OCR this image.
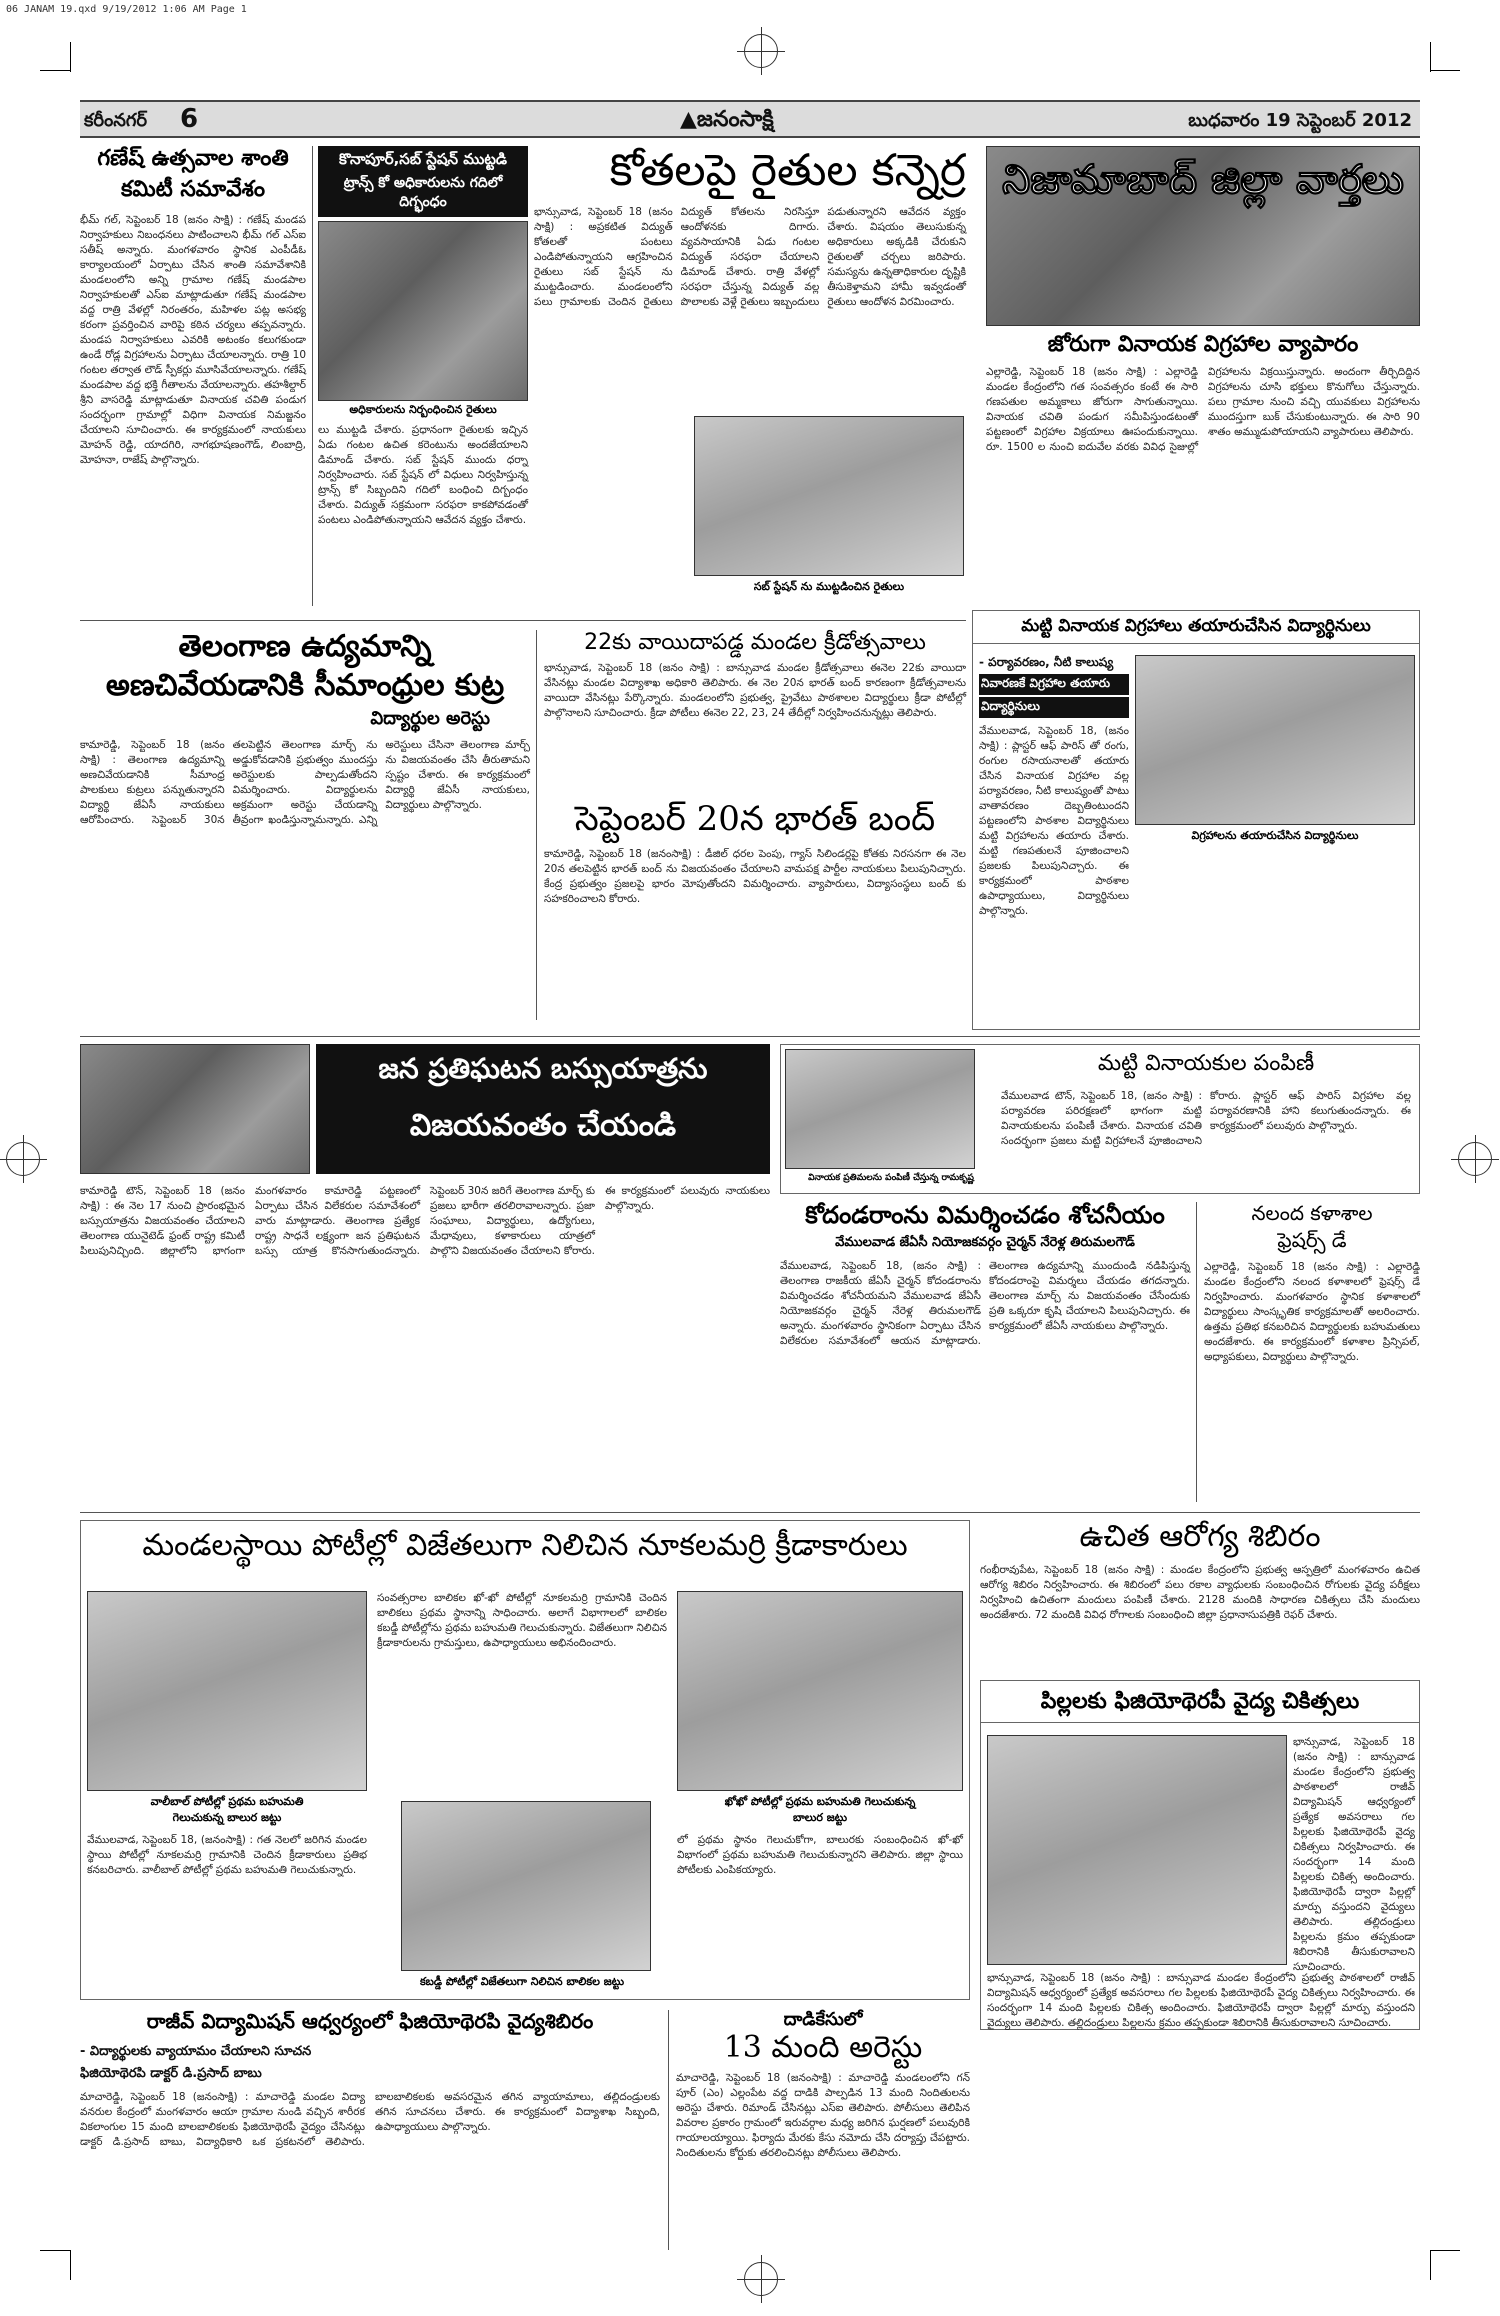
06 JANAM 19.qxd 9/19/2012 1:06 AM Page 1
కరీంనగర్ 6	▲జనంసాక్షి	బుధవారం 19 సెప్టెంబర్ 2012
గణేష్ ఉత్సవాల శాంతి
కమిటీ సమావేశం
భీమ్ గల్, సెప్టెంబర్ 18 (జనం సాక్షి) : గణేష్ మండప నిర్వాహకులు నిబంధనలు పాటించాలని భీమ్ గల్ ఎస్ఐ సతీష్ అన్నారు. మంగళవారం స్థానిక ఎంపీడీఓ కార్యాలయంలో ఏర్పాటు చేసిన శాంతి సమావేశానికి మండలంలోని అన్ని గ్రామాల గణేష్ మండపాల నిర్వాహకులతో ఎస్ఐ మాట్లాడుతూ గణేష్ మండపాల వద్ద రాత్రి వేళల్లో నిరంతరం, మహిళల పట్ల అసభ్య కరంగా ప్రవర్తించిన వారిపై కఠిన చర్యలు తప్పవన్నారు. మండప నిర్వాహకులు ఎవరికి అటంకం కలుగకుండా ఉండే రోడ్ల విగ్రహాలను ఏర్పాటు చేయాలన్నారు. రాత్రి 10 గంటల తర్వాత లౌడ్ స్పీకర్లు మూసివేయాలన్నారు. గణేష్ మండపాల వద్ద భక్తి గీతాలను వేయాలన్నారు. తహశీల్దార్ శ్రీని వాసరెడ్డి మాట్లాడుతూ వినాయక చవితి పండుగ సందర్భంగా గ్రామాల్లో విధిగా వినాయక నిమజ్జనం చేయాలని సూచించారు. ఈ కార్యక్రమంలో నాయకులు మోహన్ రెడ్డి, యాదగిరి, నాగభూషణంగౌడ్, లింబాద్రి, మోహనా, రాజేష్ పాల్గొన్నారు.
కొనాపూర్,సబ్ స్టేషన్ ముట్టడి
ట్రాన్స్ కో అధికారులను గదిలో దిగ్భంధం
అధికారులను నిర్బంధించిన రైతులు
లు ముట్టడి చేశారు. ప్రధానంగా రైతులకు ఇచ్చిన ఏడు గంటల ఉచిత కరెంటును అందజేయాలని డిమాండ్ చేశారు. సబ్ స్టేషన్ ముందు ధర్నా నిర్వహించారు. సబ్ స్టేషన్ లో విధులు నిర్వహిస్తున్న ట్రాన్స్ కో సిబ్బందిని గదిలో బంధించి దిగ్బంధం చేశారు. విద్యుత్ సక్రమంగా సరఫరా కాకపోవడంతో పంటలు ఎండిపోతున్నాయని ఆవేదన వ్యక్తం చేశారు.
కోతలపై రైతుల కన్నెర్ర
భాన్సువాడ, సెప్టెంబర్ 18 (జనం సాక్షి) : అప్రకటిత విద్యుత్ కోతలతో పంటలు ఎండిపోతున్నాయని ఆగ్రహించిన రైతులు సబ్ స్టేషన్ ను ముట్టడించారు. మండలంలోని పలు గ్రామాలకు చెందిన రైతులు విద్యుత్ కోతలను నిరసిస్తూ ఆందోళనకు దిగారు. వ్యవసాయానికి ఏడు గంటల విద్యుత్ సరఫరా చేయాలని డిమాండ్ చేశారు. రాత్రి వేళల్లో సరఫరా చేస్తున్న విద్యుత్ వల్ల పొలాలకు వెళ్లే రైతులు ఇబ్బందులు పడుతున్నారని ఆవేదన వ్యక్తం చేశారు. విషయం తెలుసుకున్న అధికారులు అక్కడికి చేరుకుని రైతులతో చర్చలు జరిపారు. సమస్యను ఉన్నతాధికారుల దృష్టికి తీసుకెళ్తామని హామీ ఇవ్వడంతో రైతులు ఆందోళన విరమించారు.
సబ్ స్టేషన్ ను ముట్టడించిన రైతులు
నిజామాబాద్ జిల్లా వార్తలు
జోరుగా వినాయక విగ్రహాల వ్యాపారం
ఎల్లారెడ్డి, సెప్టెంబర్ 18 (జనం సాక్షి) : ఎల్లారెడ్డి మండల కేంద్రంలోని గత సంవత్సరం కంటే ఈ సారి గణపతుల అమ్మకాలు జోరుగా సాగుతున్నాయి. వినాయక చవితి పండుగ సమీపిస్తుండటంతో పట్టణంలో విగ్రహాల విక్రయాలు ఊపందుకున్నాయి. రూ. 1500 ల నుంచి ఐదువేల వరకు వివిధ సైజుల్లో విగ్రహాలను విక్రయిస్తున్నారు. అందంగా తీర్చిదిద్దిన విగ్రహాలను చూసి భక్తులు కొనుగోలు చేస్తున్నారు. పలు గ్రామాల నుంచి వచ్చి యువకులు విగ్రహాలను ముందస్తుగా బుక్ చేసుకుంటున్నారు. ఈ సారి 90 శాతం అమ్ముడుపోయాయని వ్యాపారులు తెలిపారు.
తెలంగాణ ఉద్యమాన్ని
అణచివేయడానికి సీమాంధ్రుల కుట్ర
విద్యార్థుల అరెస్టు
కామారెడ్డి, సెప్టెంబర్ 18 (జనం సాక్షి) : తెలంగాణ ఉద్యమాన్ని అణచివేయడానికి సీమాంధ్ర పాలకులు కుట్రలు పన్నుతున్నారని విద్యార్థి జేఏసీ నాయకులు ఆరోపించారు. సెప్టెంబర్ 30న తలపెట్టిన తెలంగాణ మార్చ్ ను అడ్డుకోవడానికి ప్రభుత్వం ముందస్తు అరెస్టులకు పాల్పడుతోందని విమర్శించారు. విద్యార్థులను అక్రమంగా అరెస్టు చేయడాన్ని తీవ్రంగా ఖండిస్తున్నామన్నారు. ఎన్ని అరెస్టులు చేసినా తెలంగాణ మార్చ్ ను విజయవంతం చేసి తీరుతామని స్పష్టం చేశారు. ఈ కార్యక్రమంలో విద్యార్థి జేఏసీ నాయకులు, విద్యార్థులు పాల్గొన్నారు.
22కు వాయిదాపడ్డ మండల క్రీడోత్సవాలు
భాన్సువాడ, సెప్టెంబర్ 18 (జనం సాక్షి) : బాన్సువాడ మండల క్రీడోత్సవాలు ఈనెల 22కు వాయిదా వేసినట్లు మండల విద్యాశాఖ అధికారి తెలిపారు. ఈ నెల 20న భారత్ బంద్ కారణంగా క్రీడోత్సవాలను వాయిదా వేసినట్లు పేర్కొన్నారు. మండలంలోని ప్రభుత్వ, ప్రైవేటు పాఠశాలల విద్యార్థులు క్రీడా పోటీల్లో పాల్గొనాలని సూచించారు. క్రీడా పోటీలు ఈనెల 22, 23, 24 తేదీల్లో నిర్వహించనున్నట్లు తెలిపారు.
సెప్టెంబర్ 20న భారత్ బంద్
కామారెడ్డి, సెప్టెంబర్ 18 (జనంసాక్షి) : డీజిల్ ధరల పెంపు, గ్యాస్ సిలిండర్లపై కోతకు నిరసనగా ఈ నెల 20న తలపెట్టిన భారత్ బంద్ ను విజయవంతం చేయాలని వామపక్ష పార్టీల నాయకులు పిలుపునిచ్చారు. కేంద్ర ప్రభుత్వం ప్రజలపై భారం మోపుతోందని విమర్శించారు. వ్యాపారులు, విద్యాసంస్థలు బంద్ కు సహకరించాలని కోరారు.
మట్టి వినాయక విగ్రహాలు తయారుచేసిన విద్యార్థినులు
- పర్యావరణం, నీటి కాలుష్య
నివారణకే విగ్రహాల తయారు
విద్యార్థినులు
వేములవాడ, సెప్టెంబర్ 18, (జనం సాక్షి) : ప్లాస్టర్ ఆఫ్ పారిస్ తో రంగు, రంగుల రసాయనాలతో తయారు చేసిన వినాయక విగ్రహాల వల్ల పర్యావరణం, నీటి కాలుష్యంతో పాటు వాతావరణం దెబ్బతింటుందని పట్టణంలోని పాఠశాల విద్యార్థినులు మట్టి విగ్రహాలను తయారు చేశారు. మట్టి గణపతులనే పూజించాలని ప్రజలకు పిలుపునిచ్చారు. ఈ కార్యక్రమంలో పాఠశాల ఉపాధ్యాయులు, విద్యార్థినులు పాల్గొన్నారు.
విగ్రహాలను తయారుచేసిన విద్యార్థినులు
జన ప్రతిఘటన బస్సుయాత్రను
విజయవంతం చేయండి
కామారెడ్డి టౌన్, సెప్టెంబర్ 18 (జనం సాక్షి) : ఈ నెల 17 నుంచి ప్రారంభమైన బస్సుయాత్రను విజయవంతం చేయాలని తెలంగాణ యునైటెడ్ ఫ్రంట్ రాష్ట్ర కమిటీ పిలుపునిచ్చింది. జిల్లాలోని భాగంగా మంగళవారం కామారెడ్డి పట్టణంలో ఏర్పాటు చేసిన విలేకరుల సమావేశంలో వారు మాట్లాడారు. తెలంగాణ ప్రత్యేక రాష్ట్ర సాధనే లక్ష్యంగా జన ప్రతిఘటన బస్సు యాత్ర కొనసాగుతుందన్నారు. సెప్టెంబర్ 30న జరిగే తెలంగాణ మార్చ్ కు ప్రజలు భారీగా తరలిరావాలన్నారు. ప్రజా సంఘాలు, విద్యార్థులు, ఉద్యోగులు, మేధావులు, కళాకారులు యాత్రలో పాల్గొని విజయవంతం చేయాలని కోరారు. ఈ కార్యక్రమంలో పలువురు నాయకులు పాల్గొన్నారు.
వినాయక ప్రతిమలను పంపిణీ చేస్తున్న రామకృష్ణ
మట్టి వినాయకుల పంపిణీ
వేములవాడ టౌన్, సెప్టెంబర్ 18, (జనం సాక్షి) : పర్యావరణ పరిరక్షణలో భాగంగా మట్టి వినాయకులను పంపిణీ చేశారు. వినాయక చవితి సందర్భంగా ప్రజలు మట్టి విగ్రహాలనే పూజించాలని కోరారు. ప్లాస్టర్ ఆఫ్ పారిస్ విగ్రహాల వల్ల పర్యావరణానికి హాని కలుగుతుందన్నారు. ఈ కార్యక్రమంలో పలువురు పాల్గొన్నారు.
కోదండరాంను విమర్శించడం శోచనీయం
వేములవాడ జేఏసీ నియోజకవర్గం చైర్మన్ నేరెళ్ల తిరుమలగౌడ్
వేములవాడ, సెప్టెంబర్ 18, (జనం సాక్షి) : తెలంగాణ రాజకీయ జేఏసీ చైర్మన్ కోదండరాంను విమర్శించడం శోచనీయమని వేములవాడ జేఏసీ నియోజకవర్గం చైర్మన్ నేరెళ్ల తిరుమలగౌడ్ అన్నారు. మంగళవారం స్థానికంగా ఏర్పాటు చేసిన విలేకరుల సమావేశంలో ఆయన మాట్లాడారు. తెలంగాణ ఉద్యమాన్ని ముందుండి నడిపిస్తున్న కోదండరాంపై విమర్శలు చేయడం తగదన్నారు. తెలంగాణ మార్చ్ ను విజయవంతం చేసేందుకు ప్రతి ఒక్కరూ కృషి చేయాలని పిలుపునిచ్చారు. ఈ కార్యక్రమంలో జేఏసీ నాయకులు పాల్గొన్నారు.
నలంద కళాశాల
ఫ్రెషర్స్ డే
ఎల్లారెడ్డి, సెప్టెంబర్ 18 (జనం సాక్షి) : ఎల్లారెడ్డి మండల కేంద్రంలోని నలంద కళాశాలలో ఫ్రెషర్స్ డే నిర్వహించారు. మంగళవారం స్థానిక కళాశాలలో విద్యార్థులు సాంస్కృతిక కార్యక్రమాలతో అలరించారు. ఉత్తమ ప్రతిభ కనబరిచిన విద్యార్థులకు బహుమతులు అందజేశారు. ఈ కార్యక్రమంలో కళాశాల ప్రిన్సిపల్, అధ్యాపకులు, విద్యార్థులు పాల్గొన్నారు.
మండలస్థాయి పోటీల్లో విజేతలుగా నిలిచిన నూకలమర్రి క్రీడాకారులు
వాలీబాల్ పోటీల్లో ప్రథమ బహుమతి
గెలుచుకున్న బాలుర జట్టు
వేములవాడ, సెప్టెంబర్ 18, (జనంసాక్షి) : గత నెలలో జరిగిన మండల స్థాయి పోటీల్లో నూకలమర్రి గ్రామానికి చెందిన క్రీడాకారులు ప్రతిభ కనబరిచారు. వాలీబాల్ పోటీల్లో ప్రథమ బహుమతి గెలుచుకున్నారు.
సంవత్సరాల బాలికల ఖో-ఖో పోటీల్లో నూకలమర్రి గ్రామానికి చెందిన బాలికలు ప్రథమ స్థానాన్ని సాధించారు. అలాగే విభాగాలలో బాలికల కబడ్డీ పోటీల్లోను ప్రథమ బహుమతి గెలుచుకున్నారు. విజేతలుగా నిలిచిన క్రీడాకారులను గ్రామస్తులు, ఉపాధ్యాయులు అభినందించారు.
కబడ్డీ పోటీల్లో విజేతలుగా నిలిచిన బాలికల జట్టు
ఖోఖో పోటీల్లో ప్రథమ బహుమతి గెలుచుకున్న
బాలుర జట్టు
లో ప్రథమ స్థానం గెలుచుకోగా, బాలురకు సంబంధించిన ఖో-ఖో విభాగంలో ప్రథమ బహుమతి గెలుచుకున్నారని తెలిపారు. జిల్లా స్థాయి పోటీలకు ఎంపికయ్యారు.
ఉచిత ఆరోగ్య శిబిరం
గంభీరావుపేట, సెప్టెంబర్ 18 (జనం సాక్షి) : మండల కేంద్రంలోని ప్రభుత్వ ఆస్పత్రిలో మంగళవారం ఉచిత ఆరోగ్య శిబిరం నిర్వహించారు. ఈ శిబిరంలో పలు రకాల వ్యాధులకు సంబంధించిన రోగులకు వైద్య పరీక్షలు నిర్వహించి ఉచితంగా మందులు పంపిణీ చేశారు. 2128 మందికి సాధారణ చికిత్సలు చేసి మందులు అందజేశారు. 72 మందికి వివిధ రోగాలకు సంబంధించి జిల్లా ప్రధానాసుపత్రికి రెఫర్ చేశారు.
పిల్లలకు ఫిజియోథెరపీ వైద్య చికిత్సలు
భాన్సువాడ, సెప్టెంబర్ 18 (జనం సాక్షి) : బాన్సువాడ మండల కేంద్రంలోని ప్రభుత్వ పాఠశాలలో రాజీవ్ విద్యామిషన్ ఆధ్వర్యంలో ప్రత్యేక అవసరాలు గల పిల్లలకు ఫిజియోథెరపీ వైద్య చికిత్సలు నిర్వహించారు. ఈ సందర్భంగా 14 మంది పిల్లలకు చికిత్స అందించారు. ఫిజియోథెరపీ ద్వారా పిల్లల్లో మార్పు వస్తుందని వైద్యులు తెలిపారు. తల్లిదండ్రులు పిల్లలను క్రమం తప్పకుండా శిబిరానికి తీసుకురావాలని సూచించారు.
భాన్సువాడ, సెప్టెంబర్ 18 (జనం సాక్షి) : బాన్సువాడ మండల కేంద్రంలోని ప్రభుత్వ పాఠశాలలో రాజీవ్ విద్యామిషన్ ఆధ్వర్యంలో ప్రత్యేక అవసరాలు గల పిల్లలకు ఫిజియోథెరపీ వైద్య చికిత్సలు నిర్వహించారు. ఈ సందర్భంగా 14 మంది పిల్లలకు చికిత్స అందించారు. ఫిజియోథెరపీ ద్వారా పిల్లల్లో మార్పు వస్తుందని వైద్యులు తెలిపారు. తల్లిదండ్రులు పిల్లలను క్రమం తప్పకుండా శిబిరానికి తీసుకురావాలని సూచించారు.
రాజీవ్ విద్యామిషన్ ఆధ్వర్యంలో ఫిజియోథెరపి వైద్యశిబిరం
- విద్యార్థులకు వ్యాయామం చేయాలని సూచన
ఫిజియోథెరపి డాక్టర్ డి.ప్రసాద్ బాబు
మాచారెడ్డి, సెప్టెంబర్ 18 (జనంసాక్షి) : మాచారెడ్డి మండల విద్యా వనరుల కేంద్రంలో మంగళవారం ఆయా గ్రామాల నుండి వచ్చిన శారీరక వికలాంగుల 15 మంది బాలబాలికలకు ఫిజియోథెరపీ వైద్యం చేసినట్లు డాక్టర్ డి.ప్రసాద్ బాబు, విద్యాధికారి ఒక ప్రకటనలో తెలిపారు. బాలబాలికలకు అవసరమైన తగిన వ్యాయామాలు, తల్లిదండ్రులకు తగిన సూచనలు చేశారు. ఈ కార్యక్రమంలో విద్యాశాఖ సిబ్బంది, ఉపాధ్యాయులు పాల్గొన్నారు.
దాడికేసులో
13 మంది అరెస్టు
మాచారెడ్డి, సెప్టెంబర్ 18 (జనంసాక్షి) : మాచారెడ్డి మండలంలోని గన్ పూర్ (ఎం) ఎల్లంపేట వద్ద దాడికి పాల్పడిన 13 మంది నిందితులను అరెస్టు చేశారు. రిమాండ్ చేసినట్లు ఎస్ఐ తెలిపారు. పోలీసులు తెలిపిన వివరాల ప్రకారం గ్రామంలో ఇరువర్గాల మధ్య జరిగిన ఘర్షణలో పలువురికి గాయాలయ్యాయి. ఫిర్యాదు మేరకు కేసు నమోదు చేసి దర్యాప్తు చేపట్టారు. నిందితులను కోర్టుకు తరలించినట్లు పోలీసులు తెలిపారు.
